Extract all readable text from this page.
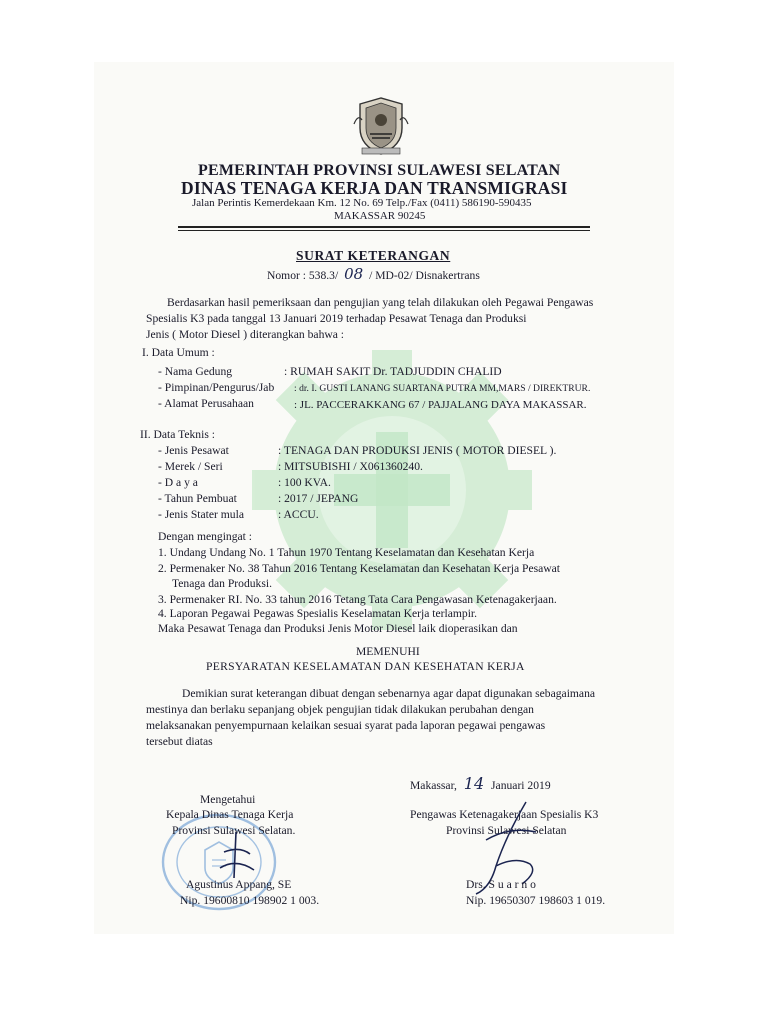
PEMERINTAH PROVINSI SULAWESI SELATAN
DINAS TENAGA KERJA DAN TRANSMIGRASI
Jalan Perintis Kemerdekaan Km. 12 No. 69 Telp./Fax (0411) 586190-590435
MAKASSAR 90245
SURAT KETERANGAN
Nomor : 538.3/ 08 / MD-02/ Disnakertrans
Berdasarkan hasil pemeriksaan dan pengujian yang telah dilakukan oleh Pegawai Pengawas
Spesialis K3 pada tanggal 13 Januari 2019 terhadap Pesawat Tenaga dan Produksi
Jenis ( Motor Diesel ) diterangkan bahwa :
I. Data Umum :
- Nama Gedung	: RUMAH SAKIT Dr. TADJUDDIN CHALID
- Pimpinan/Pengurus/Jab : dr. I. GUSTI LANANG SUARTANA PUTRA MM,MARS / DIREKTRUR.
- Alamat Perusahaan	: JL. PACCERAKKANG 67 / PAJJALANG DAYA MAKASSAR.
II. Data Teknis :
- Jenis Pesawat	: TENAGA DAN PRODUKSI JENIS ( MOTOR DIESEL ).
- Merek / Seri	: MITSUBISHI / X061360240.
- D a y a	: 100 KVA.
- Tahun Pembuat	: 2017 / JEPANG
- Jenis Stater mula	: ACCU.
Dengan mengingat :
1. Undang Undang No. 1 Tahun 1970 Tentang Keselamatan dan Kesehatan Kerja
2. Permenaker No. 38 Tahun 2016 Tentang Keselamatan dan Kesehatan Kerja Pesawat
Tenaga dan Produksi.
3. Permenaker RI. No. 33 tahun 2016 Tetang Tata Cara Pengawasan Ketenagakerjaan.
4. Laporan Pegawai Pegawas Spesialis Keselamatan Kerja terlampir.
Maka Pesawat Tenaga dan Produksi Jenis Motor Diesel laik dioperasikan dan
MEMENUHI
PERSYARATAN KESELAMATAN DAN KESEHATAN KERJA
Demikian surat keterangan dibuat dengan sebenarnya agar dapat digunakan sebagaimana
mestinya dan berlaku sepanjang objek pengujian tidak dilakukan perubahan dengan
melaksanakan penyempurnaan kelaikan sesuai syarat pada laporan pegawai pengawas
tersebut diatas
Makassar, 14 Januari 2019
Mengetahui
Kepala Dinas Tenaga Kerja
Provinsi Sulawesi Selatan.
Agustinus Appang, SE
Nip. 19600810 198902 1 003.
Pengawas Ketenagakerjaan Spesialis K3
Provinsi Sulawesi Selatan
Drs. S u a r n o
Nip. 19650307 198603 1 019.
